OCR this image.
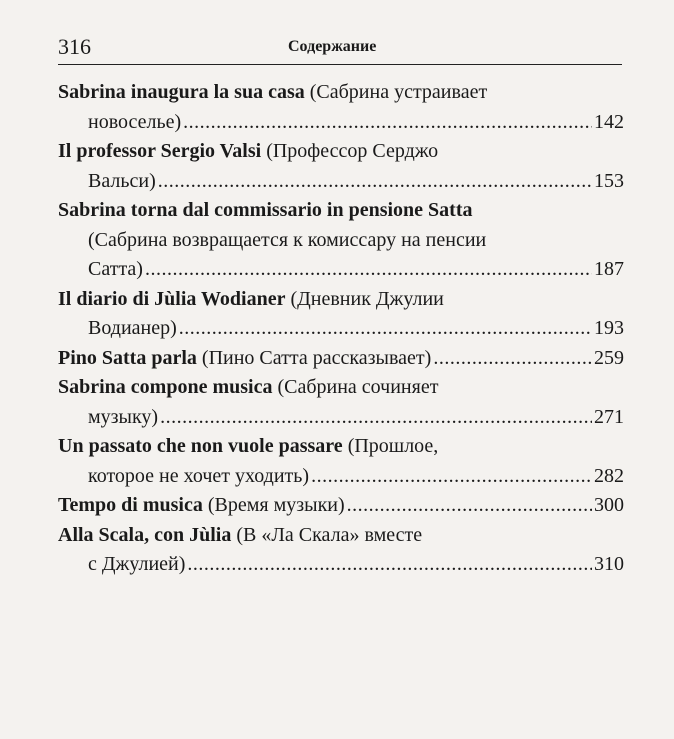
316	Содержание
Sabrina inaugura la sua casa (Сабрина устраивает
новоселье) .....	142
Il professor Sergio Valsi (Профессор Серджо
Вальси) .....	153
Sabrina torna dal commissario in pensione Satta
(Сабрина возвращается к комиссару на пенсии
Сатта) .....	187
Il diario di Jùlia Wodianer (Дневник Джулии
Водианер) .....	193
Pino Satta parla (Пино Сатта рассказывает) .....	259
Sabrina compone musica (Сабрина сочиняет
музыку) .....	271
Un passato che non vuole passare (Прошлое,
которое не хочет уходить) .....	282
Tempo di musica (Время музыки) .....	300
Alla Scala, con Jùlia (В «Ла Скала» вместе
с Джулией) .....	310
